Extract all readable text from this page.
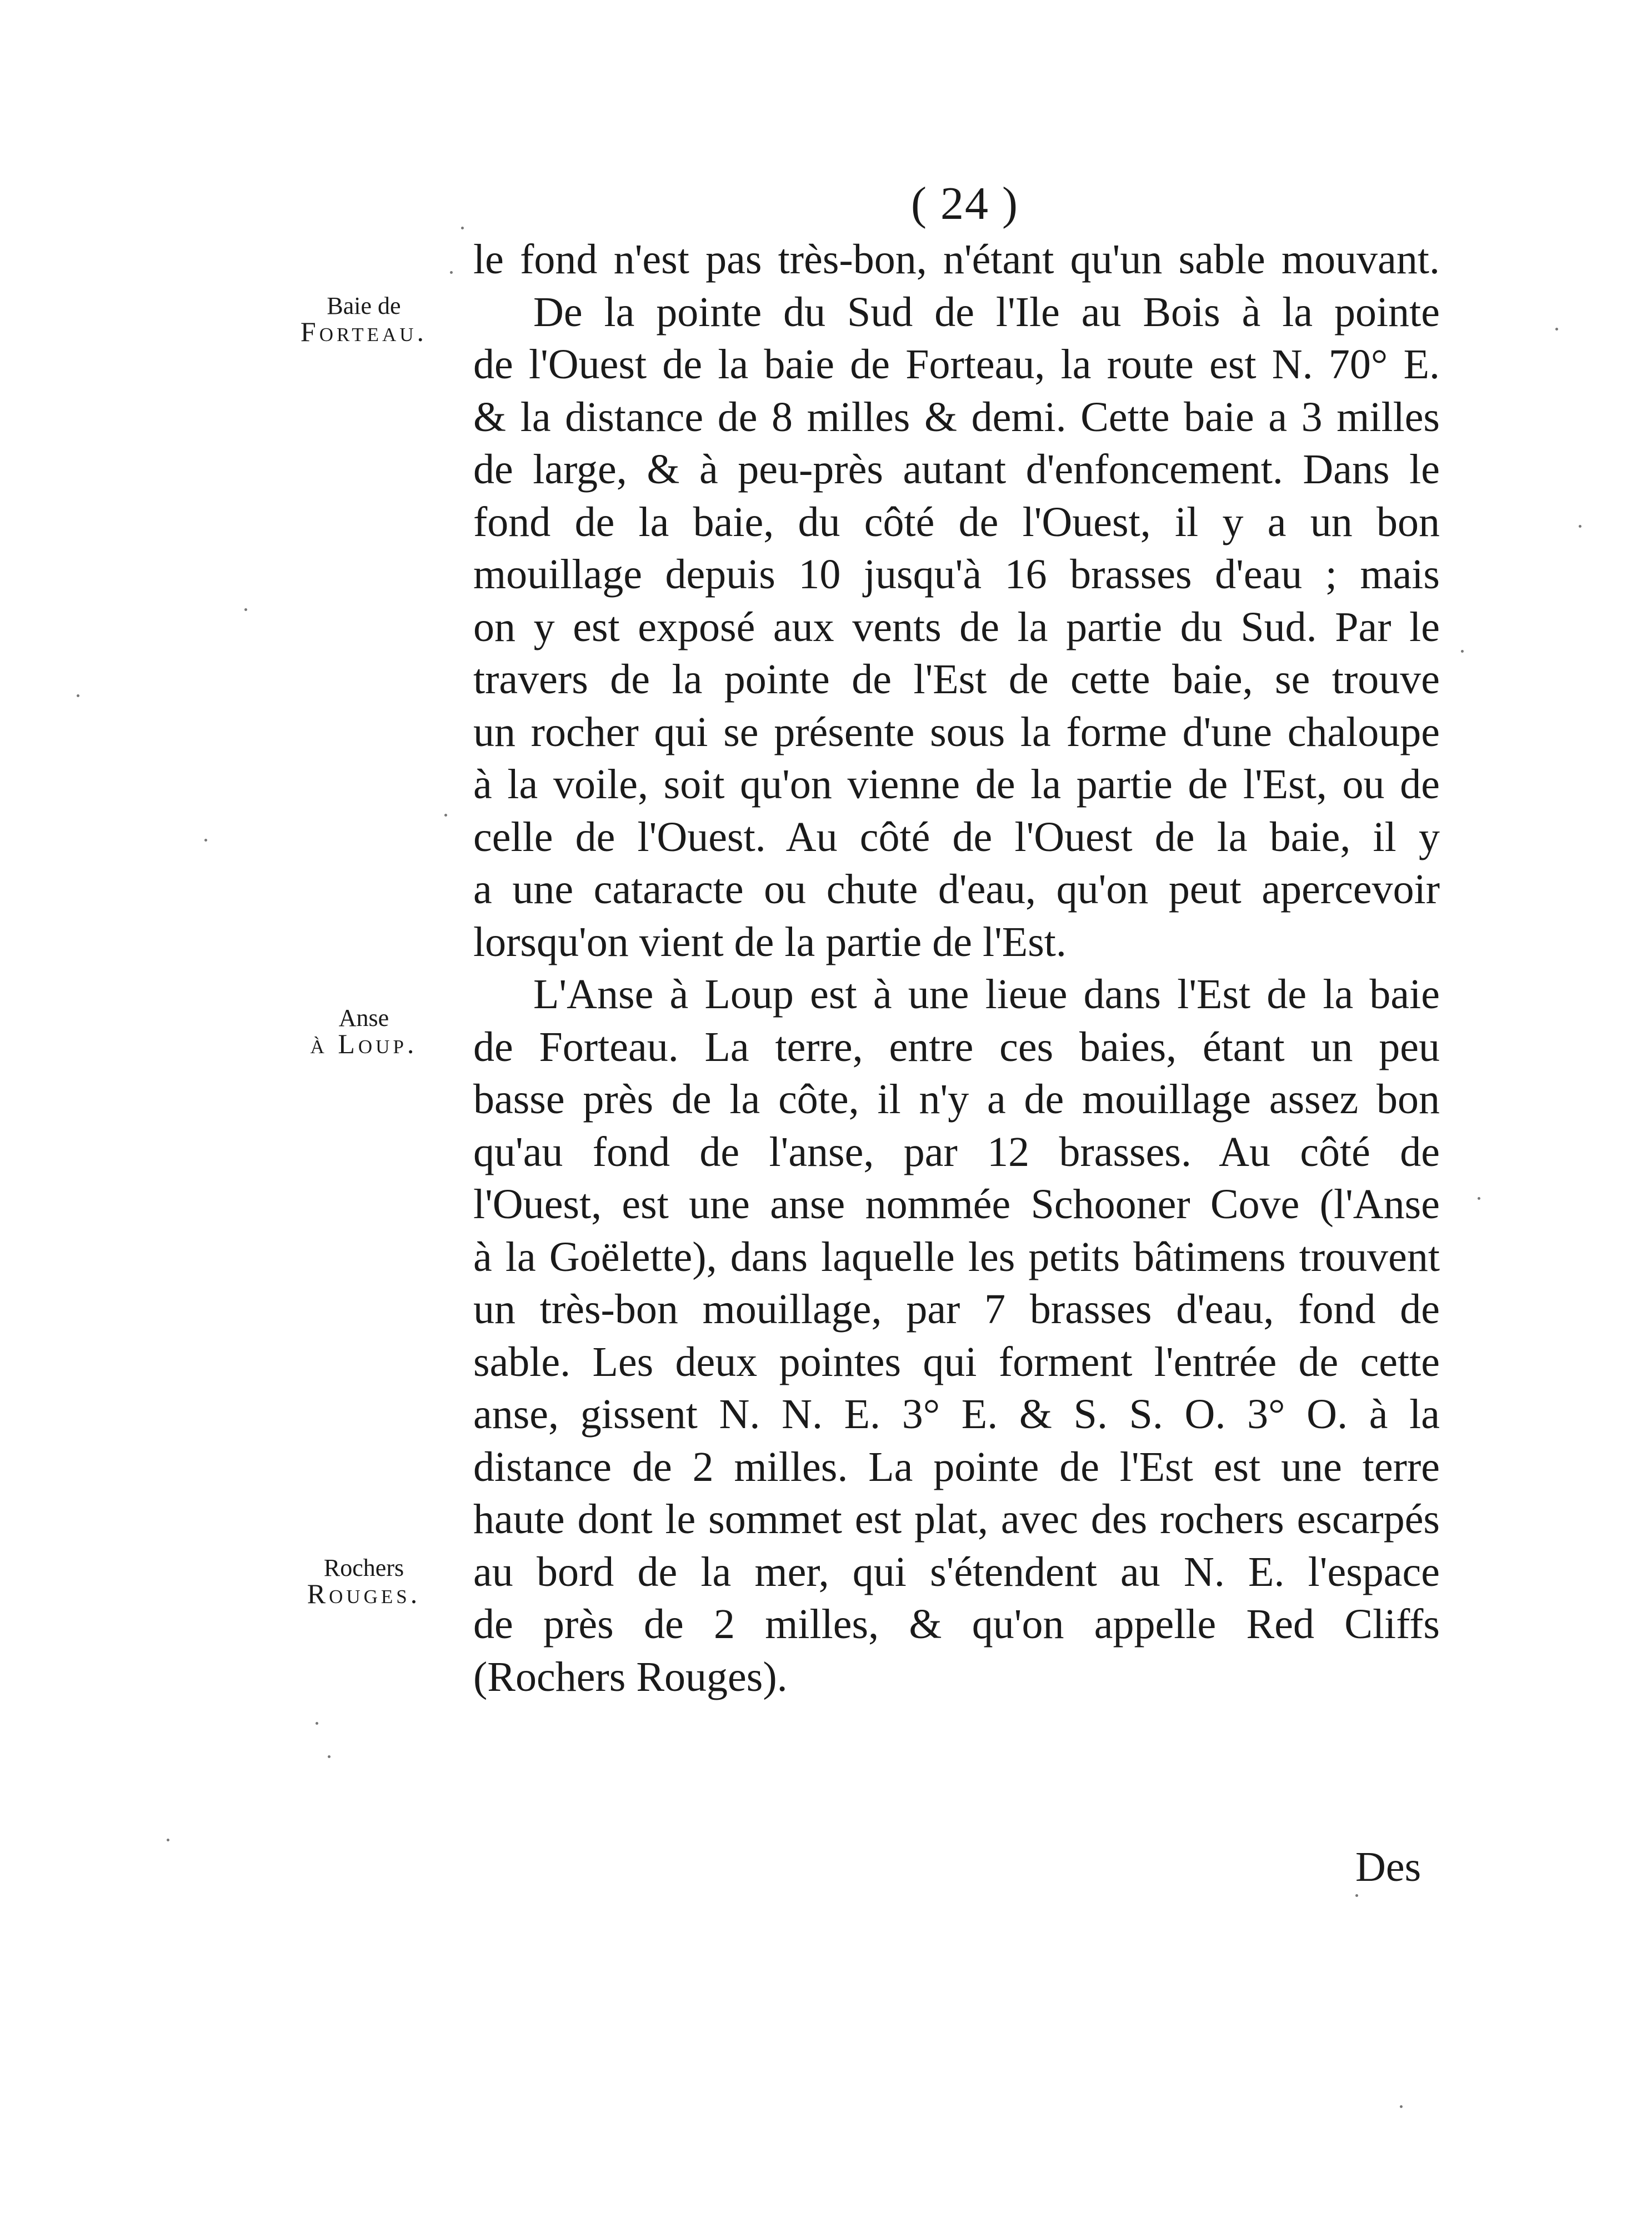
( 24 )
Baie de
Forteau.
Anse
à Loup.
Rochers
Rouges.
le fond n'est pas très-bon, n'étant qu'un sable mouvant.
De la pointe du Sud de l'Ile au Bois à la pointe
de l'Ouest de la baie de Forteau, la route est N. 70° E.
& la distance de 8 milles & demi. Cette baie a 3 milles
de large, & à peu-près autant d'enfoncement. Dans le
fond de la baie, du côté de l'Ouest, il y a un bon
mouillage depuis 10 jusqu'à 16 brasses d'eau ; mais
on y est exposé aux vents de la partie du Sud. Par le
travers de la pointe de l'Est de cette baie, se trouve
un rocher qui se présente sous la forme d'une chaloupe
à la voile, soit qu'on vienne de la partie de l'Est, ou de
celle de l'Ouest. Au côté de l'Ouest de la baie, il y
a une cataracte ou chute d'eau, qu'on peut apercevoir
lorsqu'on vient de la partie de l'Est.
L'Anse à Loup est à une lieue dans l'Est de la baie
de Forteau. La terre, entre ces baies, étant un peu
basse près de la côte, il n'y a de mouillage assez bon
qu'au fond de l'anse, par 12 brasses. Au côté de
l'Ouest, est une anse nommée Schooner Cove (l'Anse
à la Goëlette), dans laquelle les petits bâtimens trouvent
un très-bon mouillage, par 7 brasses d'eau, fond de
sable. Les deux pointes qui forment l'entrée de cette
anse, gissent N. N. E. 3° E. & S. S. O. 3° O. à la
distance de 2 milles. La pointe de l'Est est une terre
haute dont le sommet est plat, avec des rochers escarpés
au bord de la mer, qui s'étendent au N. E. l'espace
de près de 2 milles, & qu'on appelle Red Cliffs
(Rochers Rouges).
Des
